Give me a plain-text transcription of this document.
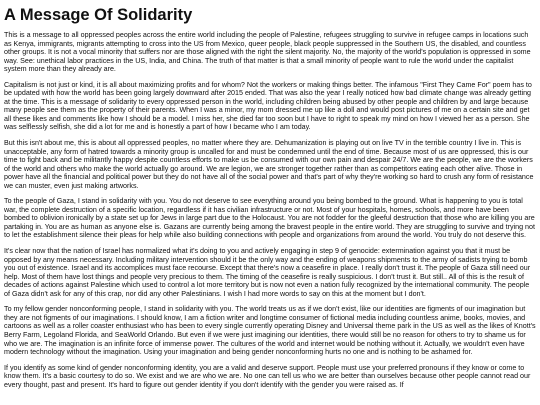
A Message Of Solidarity

This is a message to all oppressed peoples across the entire world including the people of Palestine, refugees struggling to survive in refugee camps in locations such as Kenya, immigrants, migrants attempting to cross into the US from Mexico, queer people, black people suppressed in the Southern US, the disabled, and countless other groups. It is not a vocal minority that suffers nor are those aligned with the right the silent majority. No, the majority of the world's population is oppressed in some way. See: unethical labor practices in the US, India, and China. The truth of that matter is that a small minority of people want to rule the world under the capitalist system more than they already are.

Capitalism is not just or kind, it is all about maximizing profits and for whom? Not the workers or making things better. The infamous "First They Came For" poem has to be updated with how the world has been going largely downward after 2015 ended. That was also the year I really noticed how bad climate change was already getting at the time. This is a message of solidarity to every oppressed person in the world, including children being abused by other people and children by and large because many people see them as the property of their parents. When I was a minor, my mom dressed me up like a doll and would post pictures of me on a certain site and get all these likes and comments like how I should be a model. I miss her, she died far too soon but I have to right to speak my mind on how I viewed her as a person. She was selflessly selfish, she did a lot for me and is honestly a part of how I became who I am today.

But this isn't about me, this is about all oppressed peoples, no matter where they are. Dehumanization is playing out on live TV in the terrible country I live in. This is unacceptable, any form of hatred towards a minority group is uncalled for and must be condemned until the end of time. Because most of us are oppressed, this is our time to fight back and be militantly happy despite countless efforts to make us be consumed with our own pain and despair 24/7. We are the people, we are the workers of the world and others who make the world actually go around. We are legion, we are stronger together rather than as competitors eating each other alive. Those in power have all the financial and political power but they do not have all of the social power and that's part of why they're working so hard to crush any form of resistance we can muster, even just making artworks.

To the people of Gaza, I stand in solidarity with you. You do not deserve to see everything around you being bombed to the ground. What is happening to you is total war, the complete destruction of a specific location, regardless if it has civilian infrastructure or not. Most of your hospitals, homes, schools, and more have been bombed to oblivion ironically by a state set up for Jews in large part due to the Holocaust. You are not fodder for the gleeful destruction that those who are killing you are partaking in. You are as human as anyone else is. Gazans are currently being among the bravest people in the entire world. They are struggling to survive and trying not to let the establishment silence their pleas for help while also building connections with people and organizations from around the world. You truly do not deserve this.

It's clear now that the nation of Israel has normalized what it's doing to you and actively engaging in step 9 of genocide: extermination against you that it must be opposed by any means necessary. Including military intervention should it be the only way and the ending of weapons shipments to the army of sadists trying to bomb you out of existence. Israel and its accomplices must face recourse. Except that there's now a ceasefire in place. I really don't trust it. The people of Gaza still need our help. Most of them have lost things and people very precious to them. The timing of the ceasefire is really suspicious. I don't trust it. But still.. All of this is the result of decades of actions against Palestine which used to control a lot more territory but is now not even a nation fully recognized by the international community. The people of Gaza didn't ask for any of this crap, nor did any other Palestinians. I wish I had more words to say on this at the moment but I don't.

To my fellow gender nonconforming people, I stand in solidarity with you. The world treats us as if we don't exist, like our identities are figments of our imagination but they are not figments of our imaginations. I should know, I am a fiction writer and longtime consumer of fictional media including countless anime, books, movies, and cartoons as well as a roller coaster enthusiast who has been to every single currently operating Disney and Universal theme park in the US as well as the likes of Knott's Berry Farm, Legoland Florida, and SeaWorld Orlando. But even if we were just imagining our identities, there would still be no reason for others to try to shame us for who we are. The imagination is an infinite force of immense power. The cultures of the world and internet would be nothing without it. Actually, we wouldn't even have modern technology without the imagination. Using your imagination and being gender nonconforming hurts no one and is nothing to be ashamed for.

If you identify as some kind of gender nonconforming identity, you are a valid and deserve support. People must use your preferred pronouns if they know or come to know them. It's a basic courtesy to do so. We exist and we are who we are. No one can tell us who we are better than ourselves because other people cannot read our every thought, past and present. It's hard to figure out gender identity if you don't identify with the gender you were raised as. If
